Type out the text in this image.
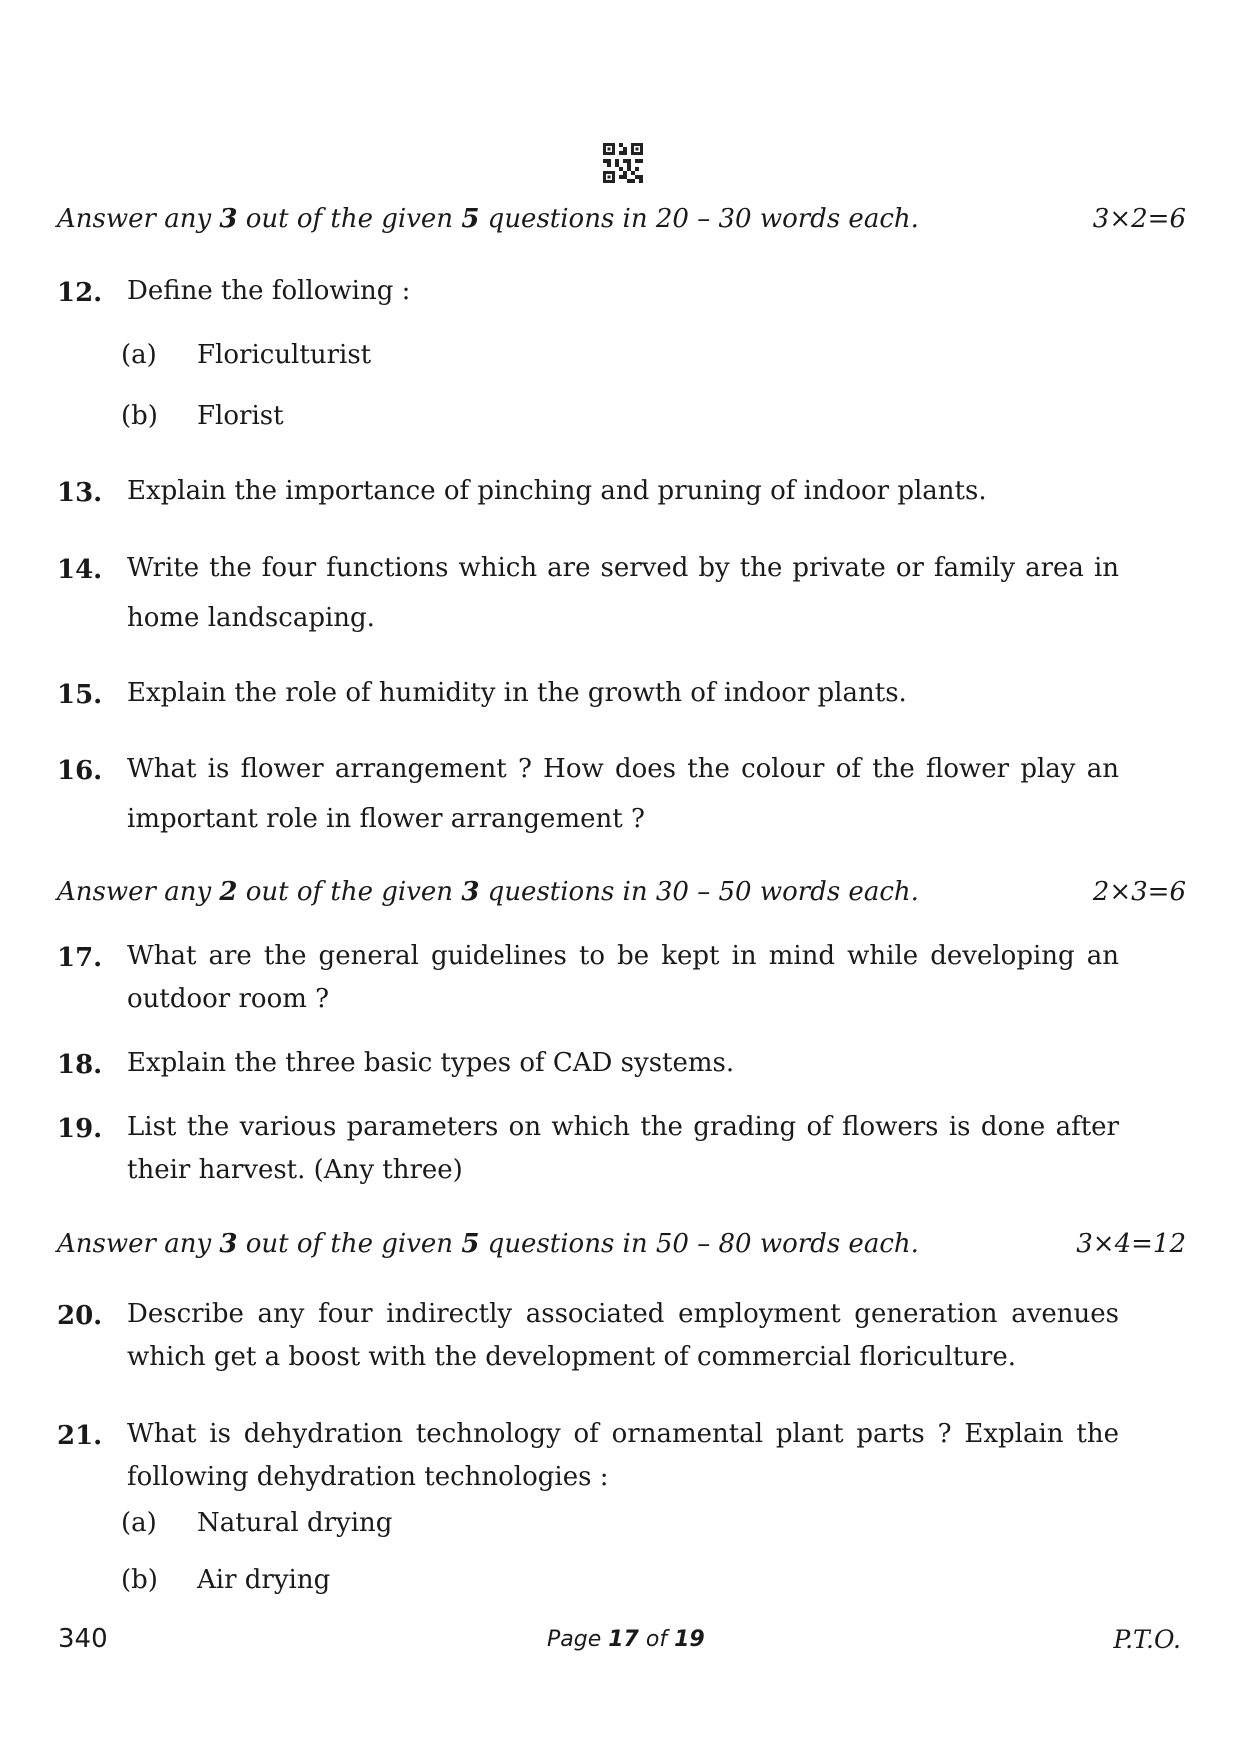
Answer any 3 out of the given 5 questions in 20 – 30 words each.	3×2=6
12. Define the following :
(a) Floriculturist
(b) Florist
13. Explain the importance of pinching and pruning of indoor plants.
14. Write the four functions which are served by the private or family area in home landscaping.
15. Explain the role of humidity in the growth of indoor plants.
16. What is flower arrangement ? How does the colour of the flower play an important role in flower arrangement ?
Answer any 2 out of the given 3 questions in 30 – 50 words each.	2×3=6
17. What are the general guidelines to be kept in mind while developing an outdoor room ?
18. Explain the three basic types of CAD systems.
19. List the various parameters on which the grading of flowers is done after their harvest. (Any three)
Answer any 3 out of the given 5 questions in 50 – 80 words each.	3×4=12
20. Describe any four indirectly associated employment generation avenues which get a boost with the development of commercial floriculture.
21. What is dehydration technology of ornamental plant parts ? Explain the following dehydration technologies :
(a) Natural drying
(b) Air drying
340	Page 17 of 19	P.T.O.
